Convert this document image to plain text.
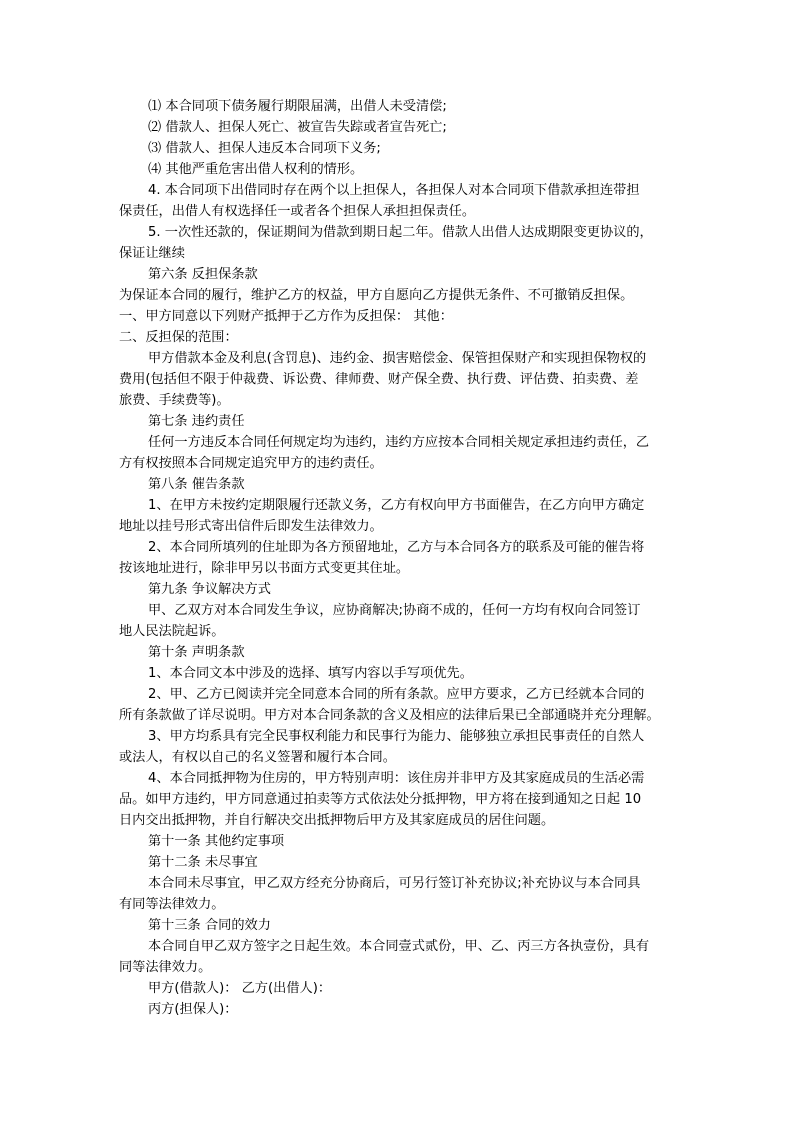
⑴ 本合同项下债务履行期限届满，出借人未受清偿;

⑵ 借款人、担保人死亡、被宣告失踪或者宣告死亡;

⑶ 借款人、担保人违反本合同项下义务;

⑷ 其他严重危害出借人权利的情形。

4. 本合同项下出借同时存在两个以上担保人，各担保人对本合同项下借款承担连带担

保责任，出借人有权选择任一或者各个担保人承担担保责任。

5. 一次性还款的，保证期间为借款到期日起二年。借款人出借人达成期限变更协议的，

保证让继续

第六条 反担保条款

为保证本合同的履行，维护乙方的权益，甲方自愿向乙方提供无条件、不可撤销反担保。

一、甲方同意以下列财产抵押于乙方作为反担保： 其他：

二、反担保的范围：

甲方借款本金及利息(含罚息)、违约金、损害赔偿金、保管担保财产和实现担保物权的

费用(包括但不限于仲裁费、诉讼费、律师费、财产保全费、执行费、评估费、拍卖费、差

旅费、手续费等)。

第七条 违约责任

任何一方违反本合同任何规定均为违约，违约方应按本合同相关规定承担违约责任，乙

方有权按照本合同规定追究甲方的违约责任。

第八条 催告条款

1、在甲方未按约定期限履行还款义务，乙方有权向甲方书面催告，在乙方向甲方确定

地址以挂号形式寄出信件后即发生法律效力。

2、本合同所填列的住址即为各方预留地址，乙方与本合同各方的联系及可能的催告将

按该地址进行，除非甲另以书面方式变更其住址。

第九条 争议解决方式

甲、乙双方对本合同发生争议，应协商解决;协商不成的，任何一方均有权向合同签订

地人民法院起诉。

第十条 声明条款

1、本合同文本中涉及的选择、填写内容以手写项优先。

2、甲、乙方已阅读并完全同意本合同的所有条款。应甲方要求，乙方已经就本合同的

所有条款做了详尽说明。甲方对本合同条款的含义及相应的法律后果已全部通晓并充分理解。

3、甲方均系具有完全民事权利能力和民事行为能力、能够独立承担民事责任的自然人

或法人，有权以自己的名义签署和履行本合同。

4、本合同抵押物为住房的，甲方特别声明：该住房并非甲方及其家庭成员的生活必需

品。如甲方违约，甲方同意通过拍卖等方式依法处分抵押物，甲方将在接到通知之日起 10

日内交出抵押物，并自行解决交出抵押物后甲方及其家庭成员的居住问题。

第十一条 其他约定事项

第十二条 未尽事宜

本合同未尽事宜，甲乙双方经充分协商后，可另行签订补充协议;补充协议与本合同具

有同等法律效力。

第十三条 合同的效力

本合同自甲乙双方签字之日起生效。本合同壹式贰份，甲、乙、丙三方各执壹份，具有

同等法律效力。

甲方(借款人)： 乙方(出借人)：

丙方(担保人)：
